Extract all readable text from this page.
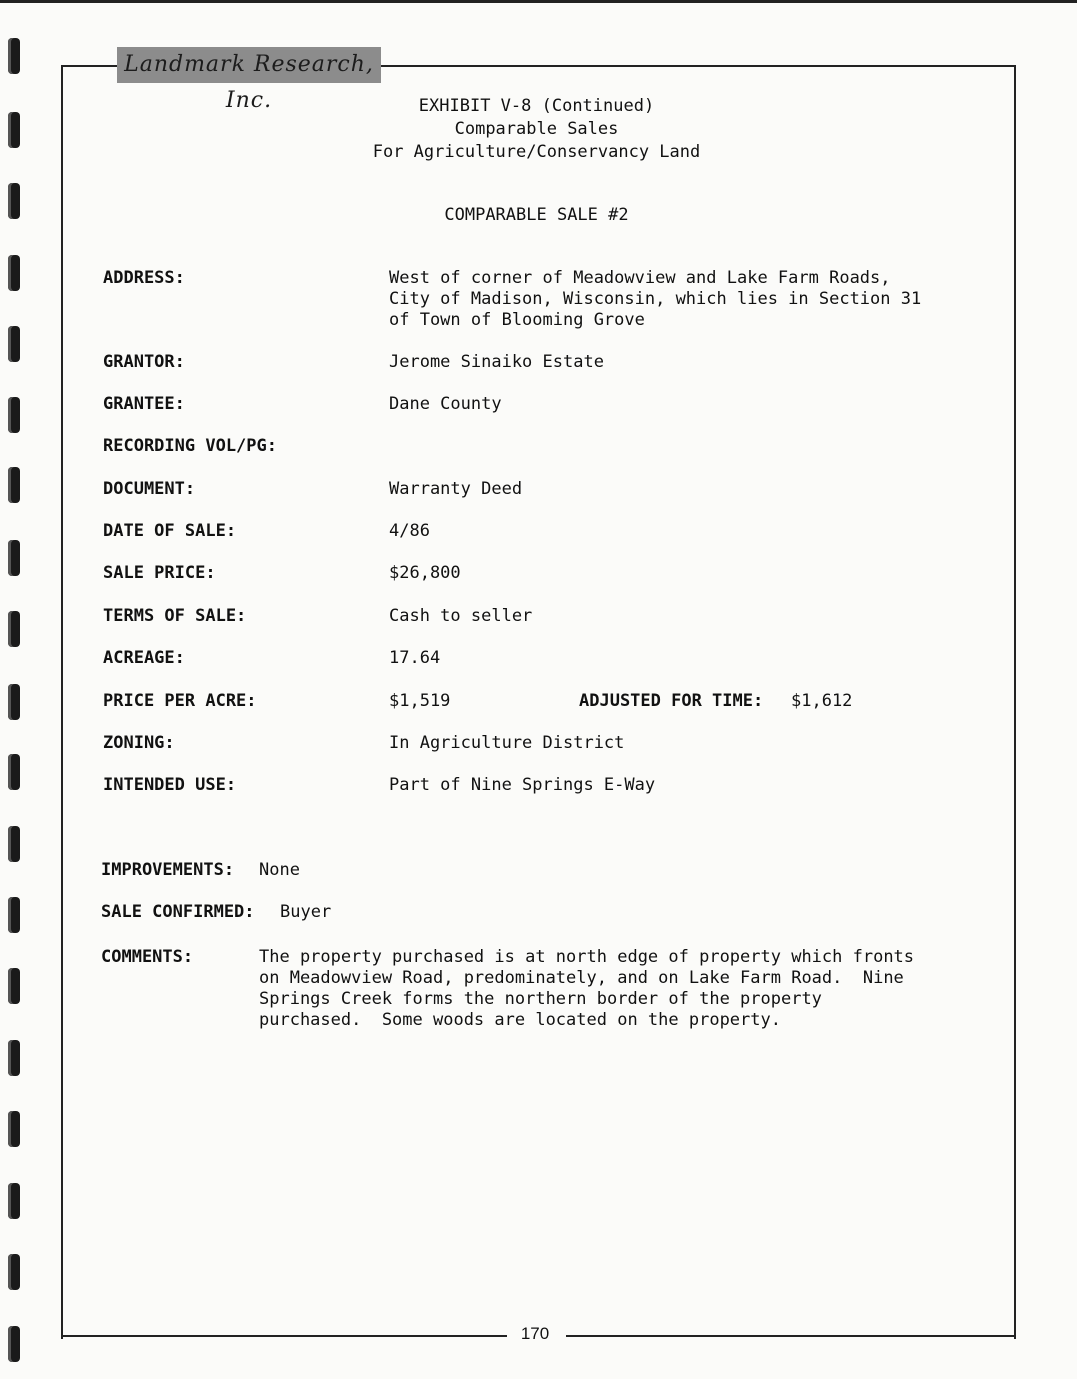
Landmark Research, Inc.	EXHIBIT V-8 (Continued)
Comparable Sales
For Agriculture/Conservancy Land
COMPARABLE SALE #2
ADDRESS:	West of corner of Meadowview and Lake Farm Roads,
City of Madison, Wisconsin, which lies in Section 31
of Town of Blooming Grove
GRANTOR:	Jerome Sinaiko Estate
GRANTEE:	Dane County
RECORDING VOL/PG:
DOCUMENT:	Warranty Deed
DATE OF SALE:	4/86
SALE PRICE:	$26,800
TERMS OF SALE:	Cash to seller
ACREAGE:	17.64
PRICE PER ACRE:	$1,519	ADJUSTED FOR TIME: $1,612
ZONING:	In Agriculture District
INTENDED USE:	Part of Nine Springs E-Way
IMPROVEMENTS: None
SALE CONFIRMED: Buyer
COMMENTS:	The property purchased is at north edge of property which fronts
on Meadowview Road, predominately, and on Lake Farm Road.  Nine
Springs Creek forms the northern border of the property
purchased.  Some woods are located on the property.

170
